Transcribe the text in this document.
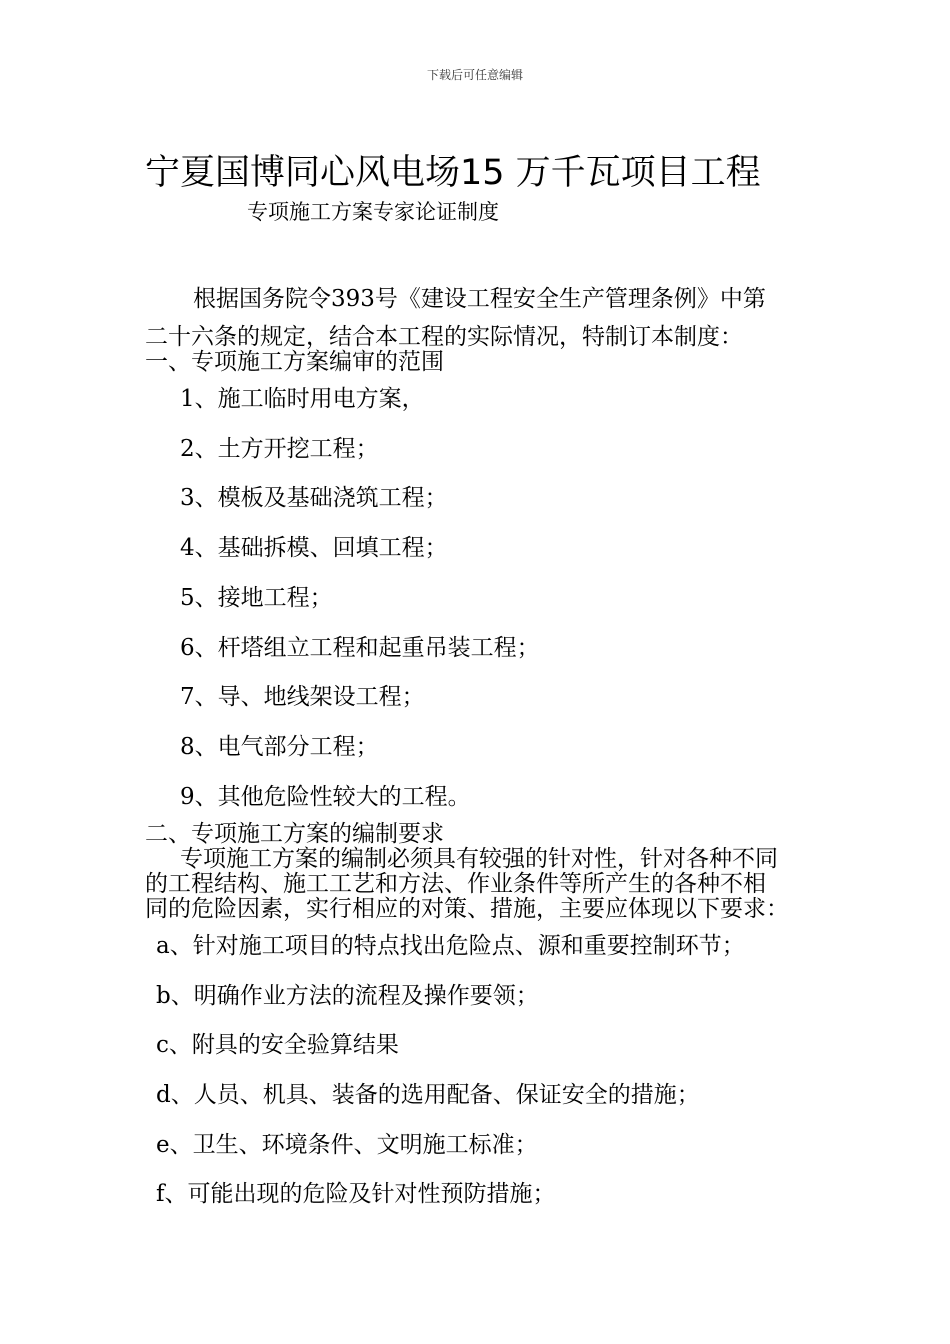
下载后可任意编辑
宁夏国博同心风电场15 万千瓦项目工程
专项施工方案专家论证制度
根据国务院令393号《建设工程安全生产管理条例》中第
二十六条的规定，结合本工程的实际情况，特制订本制度：
一、专项施工方案编审的范围
1、施工临时用电方案，
2、土方开挖工程；
3、模板及基础浇筑工程；
4、基础拆模、回填工程；
5、接地工程；
6、杆塔组立工程和起重吊装工程；
7、导、地线架设工程；
8、电气部分工程；
9、其他危险性较大的工程。
二、专项施工方案的编制要求
专项施工方案的编制必须具有较强的针对性，针对各种不同
的工程结构、施工工艺和方法、作业条件等所产生的各种不相
同的危险因素，实行相应的对策、措施，主要应体现以下要求：
a、针对施工项目的特点找出危险点、源和重要控制环节；
b、明确作业方法的流程及操作要领；
c、附具的安全验算结果
d、人员、机具、装备的选用配备、保证安全的措施；
e、卫生、环境条件、文明施工标准；
f、可能出现的危险及针对性预防措施；
